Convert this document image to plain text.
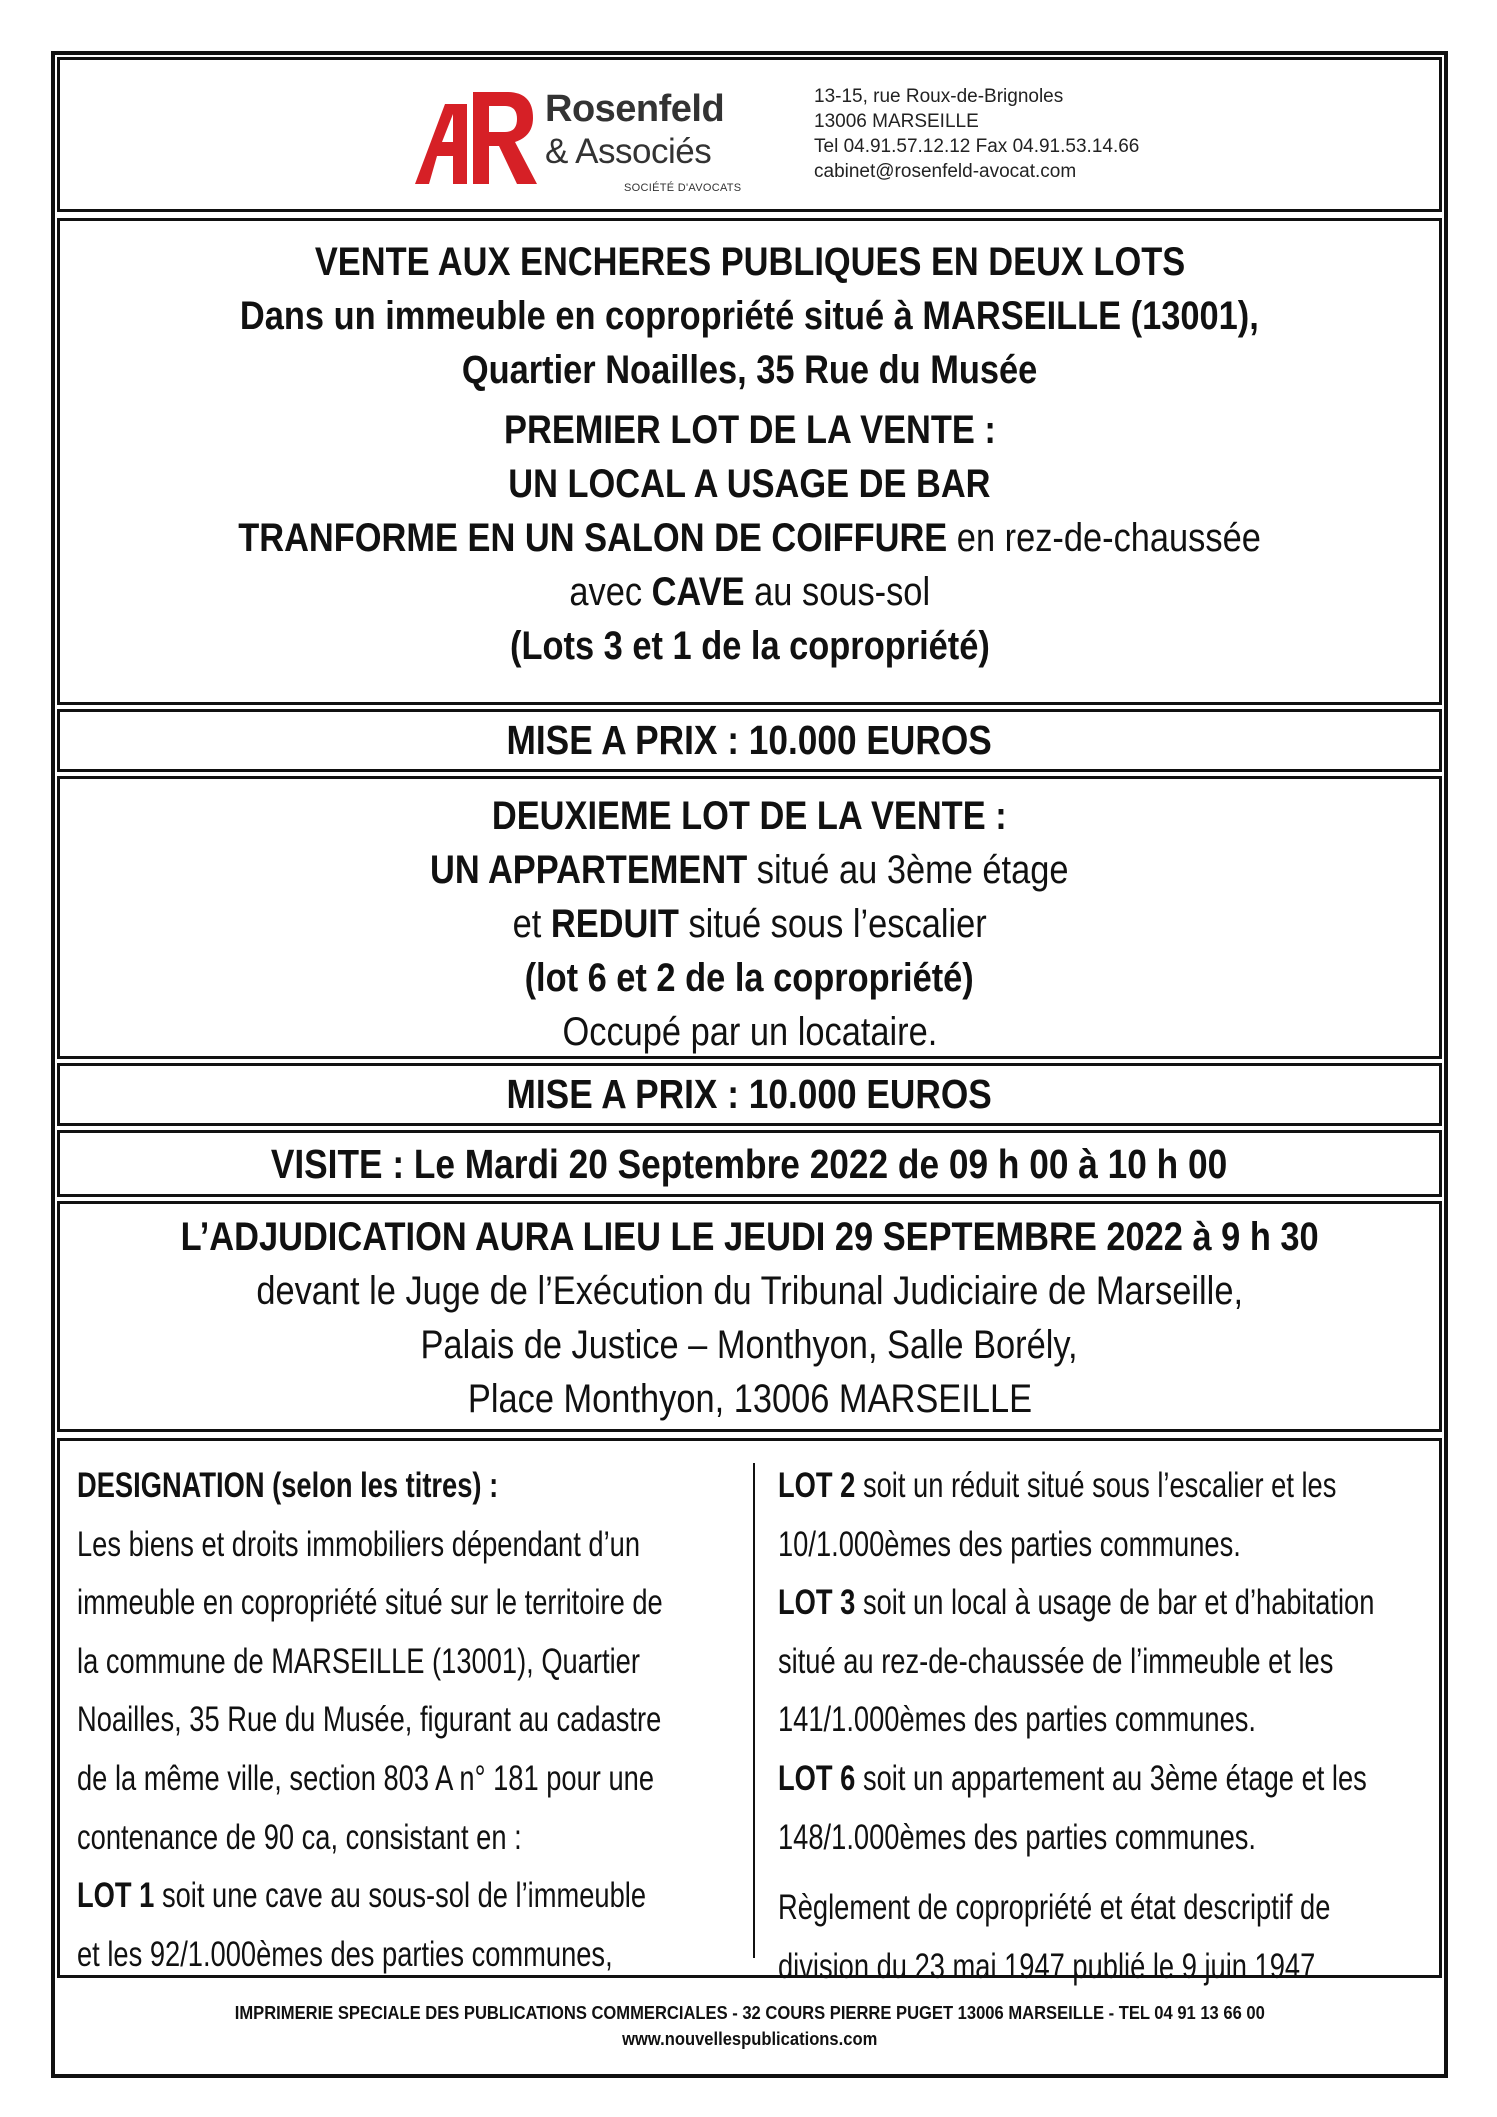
Rosenfeld
& Associés
SOCIÉTÉ D'AVOCATS
13-15, rue Roux-de-Brignoles
13006 MARSEILLE
Tel 04.91.57.12.12 Fax 04.91.53.14.66
cabinet@rosenfeld-avocat.com
VENTE AUX ENCHERES PUBLIQUES EN DEUX LOTS
Dans un immeuble en copropriété situé à MARSEILLE (13001),
Quartier Noailles, 35 Rue du Musée
PREMIER LOT DE LA VENTE :
UN LOCAL A USAGE DE BAR
TRANFORME EN UN SALON DE COIFFURE en rez-de-chaussée
avec CAVE au sous-sol
(Lots 3 et 1 de la copropriété)
MISE A PRIX : 10.000 EUROS
DEUXIEME LOT DE LA VENTE :
UN APPARTEMENT situé au 3ème étage
et REDUIT situé sous l’escalier
(lot 6 et 2 de la copropriété)
Occupé par un locataire.
MISE A PRIX : 10.000 EUROS
VISITE : Le Mardi 20 Septembre 2022 de 09 h 00 à 10 h 00
L’ADJUDICATION AURA LIEU LE JEUDI 29 SEPTEMBRE 2022 à 9 h 30
devant le Juge de l’Exécution du Tribunal Judiciaire de Marseille,
Palais de Justice – Monthyon, Salle Borély,
Place Monthyon, 13006 MARSEILLE
DESIGNATION (selon les titres) :
Les biens et droits immobiliers dépendant d’un
immeuble en copropriété situé sur le territoire de
la commune de MARSEILLE (13001), Quartier
Noailles, 35 Rue du Musée, figurant au cadastre
de la même ville, section 803 A n° 181 pour une
contenance de 90 ca, consistant en :
LOT 1 soit une cave au sous-sol de l’immeuble
et les 92/1.000èmes des parties communes,
LOT 2 soit un réduit situé sous l’escalier et les
10/1.000èmes des parties communes.
LOT 3 soit un local à usage de bar et d’habitation
situé au rez-de-chaussée de l’immeuble et les
141/1.000èmes des parties communes.
LOT 6 soit un appartement au 3ème étage et les
148/1.000èmes des parties communes.
Règlement de copropriété et état descriptif de
division du 23 mai 1947 publié le 9 juin 1947
IMPRIMERIE SPECIALE DES PUBLICATIONS COMMERCIALES - 32 COURS PIERRE PUGET 13006 MARSEILLE - TEL 04 91 13 66 00
www.nouvellespublications.com
